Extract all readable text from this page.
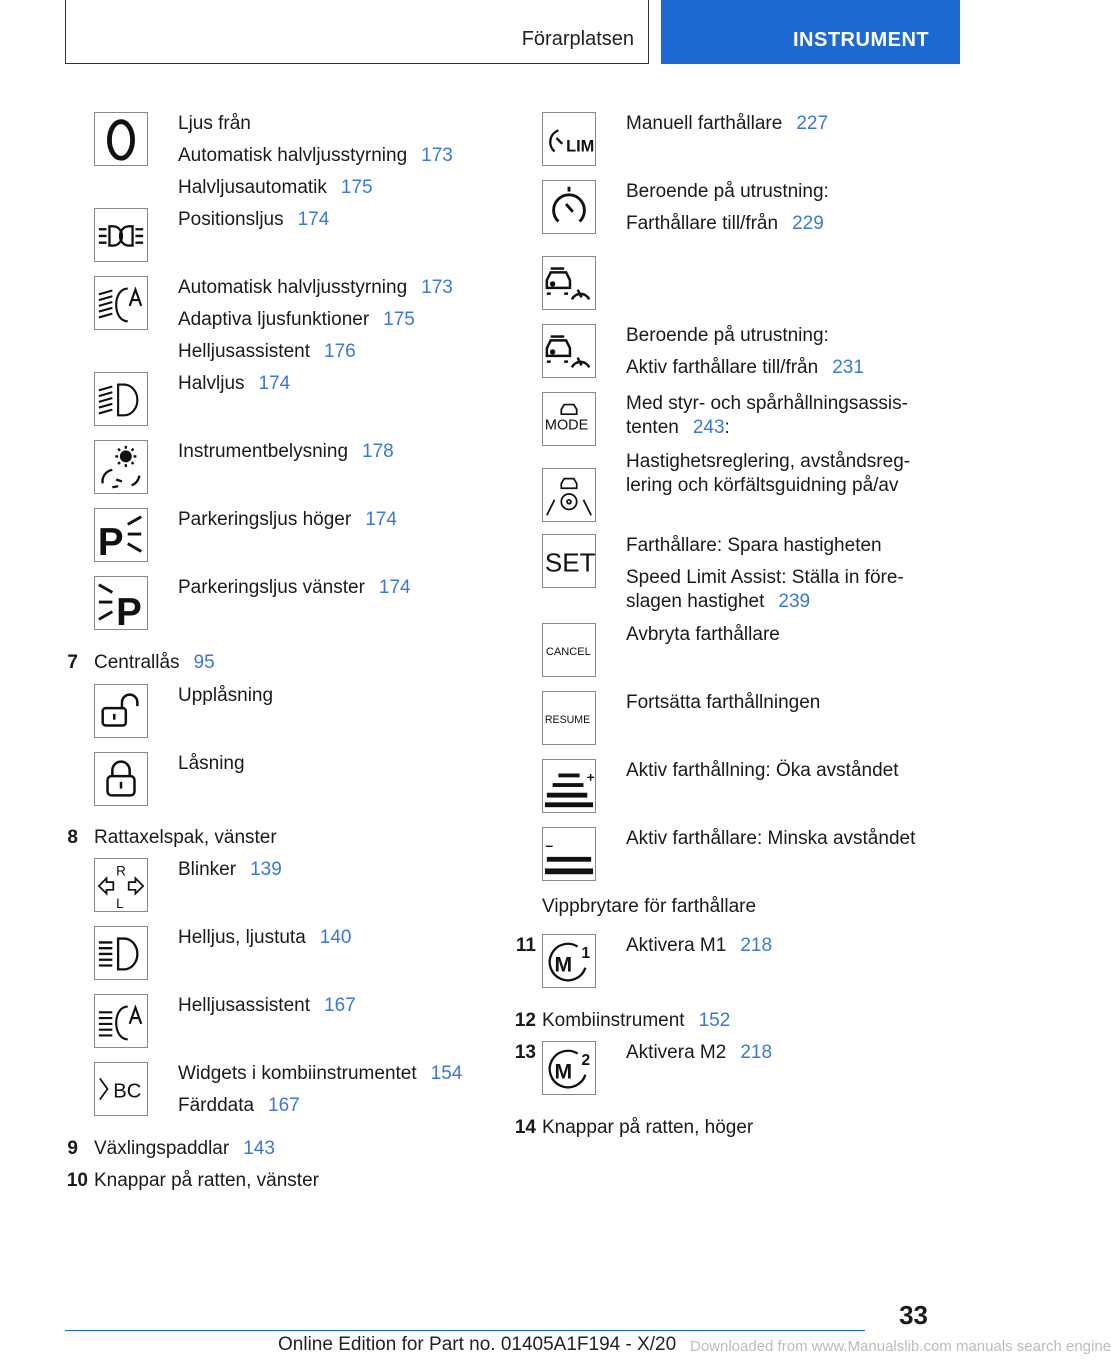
Förarplatsen	INSTRUMENT
P
P
R
L
BC
Ljus från
Automatisk halvljusstyrning 173
Halvljusautomatik 175
Positionsljus 174
Automatisk halvljusstyrning 173
Adaptiva ljusfunktioner 175
Helljusassistent 176
Halvljus 174
Instrumentbelysning 178
Parkeringsljus höger 174
Parkeringsljus vänster 174
7 Centrallås 95
Upplåsning
Låsning
8 Rattaxelspak, vänster
Blinker 139
Helljus, ljustuta 140
Helljusassistent 167
Widgets i kombiinstrumentet 154
Färddata 167
9 Växlingspaddlar 143
10 Knappar på ratten, vänster
LIM
MODE
SET
CANCEL
RESUME
M 1
M 2
Manuell farthållare 227
Beroende på utrustning:
Farthållare till/från 229
Beroende på utrustning:
Aktiv farthållare till/från 231
Med styr- och spårhållningsassis-
tenten 243:
Hastighetsreglering, avståndsreg-
lering och körfältsguidning på/av
Farthållare: Spara hastigheten
Speed Limit Assist: Ställa in före-
slagen hastighet 239
Avbryta farthållare
Fortsätta farthållningen
Aktiv farthållning: Öka avståndet
Aktiv farthållare: Minska avståndet
Vippbrytare för farthållare
11	Aktivera M1 218
12 Kombiinstrument 152
13	Aktivera M2 218
14 Knappar på ratten, höger
33
Online Edition for Part no. 01405A1F194 - X/20 Downloaded from www.Manualslib.com manuals search engine
